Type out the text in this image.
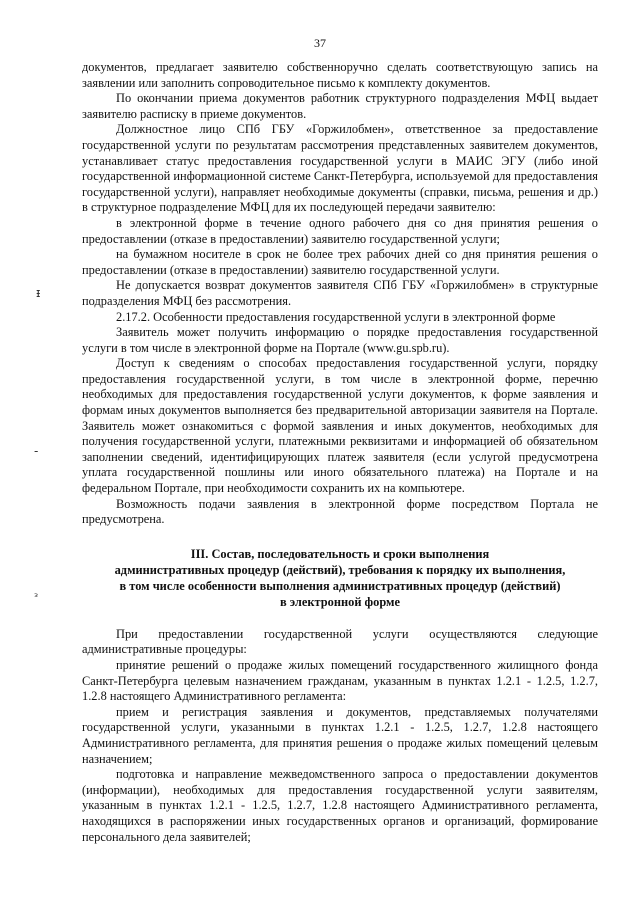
37
ᵻ
‑
ᵌ

документов, предлагает заявителю собственноручно сделать соответствующую запись на заявлении или заполнить сопроводительное письмо к комплекту документов.

По окончании приема документов работник структурного подразделения МФЦ выдает заявителю расписку в приеме документов.

Должностное лицо СПб ГБУ «Горжилобмен», ответственное за предоставление государственной услуги по результатам рассмотрения представленных заявителем документов, устанавливает статус предоставления государственной услуги в МАИС ЭГУ (либо иной государственной информационной системе Санкт-Петербурга, используемой для предоставления государственной услуги), направляет необходимые документы (справки, письма, решения и др.) в структурное подразделение МФЦ для их последующей передачи заявителю:

в электронной форме в течение одного рабочего дня со дня принятия решения о предоставлении (отказе в предоставлении) заявителю государственной услуги;

на бумажном носителе в срок не более трех рабочих дней со дня принятия решения о предоставлении (отказе в предоставлении) заявителю государственной услуги.

Не допускается возврат документов заявителя СПб ГБУ «Горжилобмен» в структурные подразделения МФЦ без рассмотрения.

2.17.2. Особенности предоставления государственной услуги в электронной форме

Заявитель может получить информацию о порядке предоставления государственной услуги в том числе в электронной форме на Портале (www.gu.spb.ru).

Доступ к сведениям о способах предоставления государственной услуги, порядку предоставления государственной услуги, в том числе в электронной форме, перечню необходимых для предоставления государственной услуги документов, к форме заявления и формам иных документов выполняется без предварительной авторизации заявителя на Портале. Заявитель может ознакомиться с формой заявления и иных документов, необходимых для получения государственной услуги, платежными реквизитами и информацией об обязательном заполнении сведений, идентифицирующих платеж заявителя (если услугой предусмотрена уплата государственной пошлины или иного обязательного платежа) на Портале и на федеральном Портале, при необходимости сохранить их на компьютере.

Возможность подачи заявления в электронной форме посредством Портала не предусмотрена.

III. Состав, последовательность и сроки выполнения
административных процедур (действий), требования к порядку их выполнения,
в том числе особенности выполнения административных процедур (действий)
в электронной форме

При предоставлении государственной услуги осуществляются следующие административные процедуры:

принятие решений о продаже жилых помещений государственного жилищного фонда Санкт-Петербурга целевым назначением гражданам, указанным в пунктах 1.2.1 - 1.2.5, 1.2.7, 1.2.8 настоящего Административного регламента:

прием и регистрация заявления и документов, представляемых получателями государственной услуги, указанными в пунктах 1.2.1 - 1.2.5, 1.2.7, 1.2.8 настоящего Административного регламента, для принятия решения о продаже жилых помещений целевым назначением;

подготовка и направление межведомственного запроса о предоставлении документов (информации), необходимых для предоставления государственной услуги заявителям, указанным в пунктах 1.2.1 - 1.2.5, 1.2.7, 1.2.8 настоящего Административного регламента, находящихся в распоряжении иных государственных органов и организаций, формирование персонального дела заявителей;
